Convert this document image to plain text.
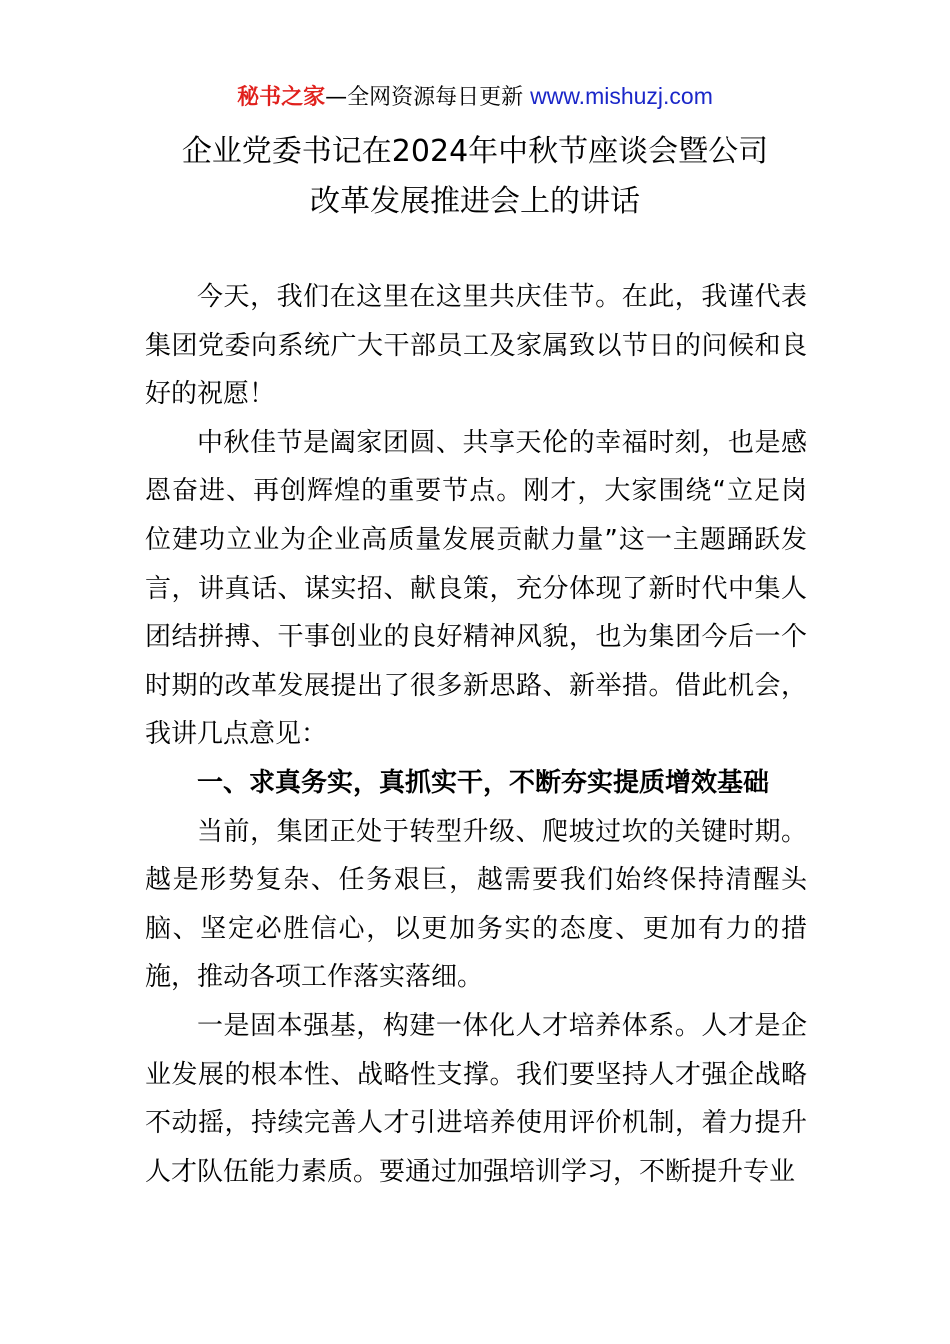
秘书之家—全网资源每日更新 www.mishuzj.com
企业党委书记在2024年中秋节座谈会暨公司
改革发展推进会上的讲话

今天，我们在这里在这里共庆佳节。在此，我谨代表集团党委向系统广大干部员工及家属致以节日的问候和良好的祝愿！

中秋佳节是阖家团圆、共享天伦的幸福时刻，也是感恩奋进、再创辉煌的重要节点。刚才，大家围绕“立足岗位建功立业为企业高质量发展贡献力量”这一主题踊跃发言，讲真话、谋实招、献良策，充分体现了新时代中集人团结拼搏、干事创业的良好精神风貌，也为集团今后一个时期的改革发展提出了很多新思路、新举措。借此机会，我讲几点意见：

一、求真务实，真抓实干，不断夯实提质增效基础

当前，集团正处于转型升级、爬坡过坎的关键时期。越是形势复杂、任务艰巨，越需要我们始终保持清醒头脑、坚定必胜信心，以更加务实的态度、更加有力的措施，推动各项工作落实落细。

一是固本强基，构建一体化人才培养体系。人才是企业发展的根本性、战略性支撑。我们要坚持人才强企战略不动摇，持续完善人才引进培养使用评价机制，着力提升人才队伍能力素质。要通过加强培训学习，不断提升专业
